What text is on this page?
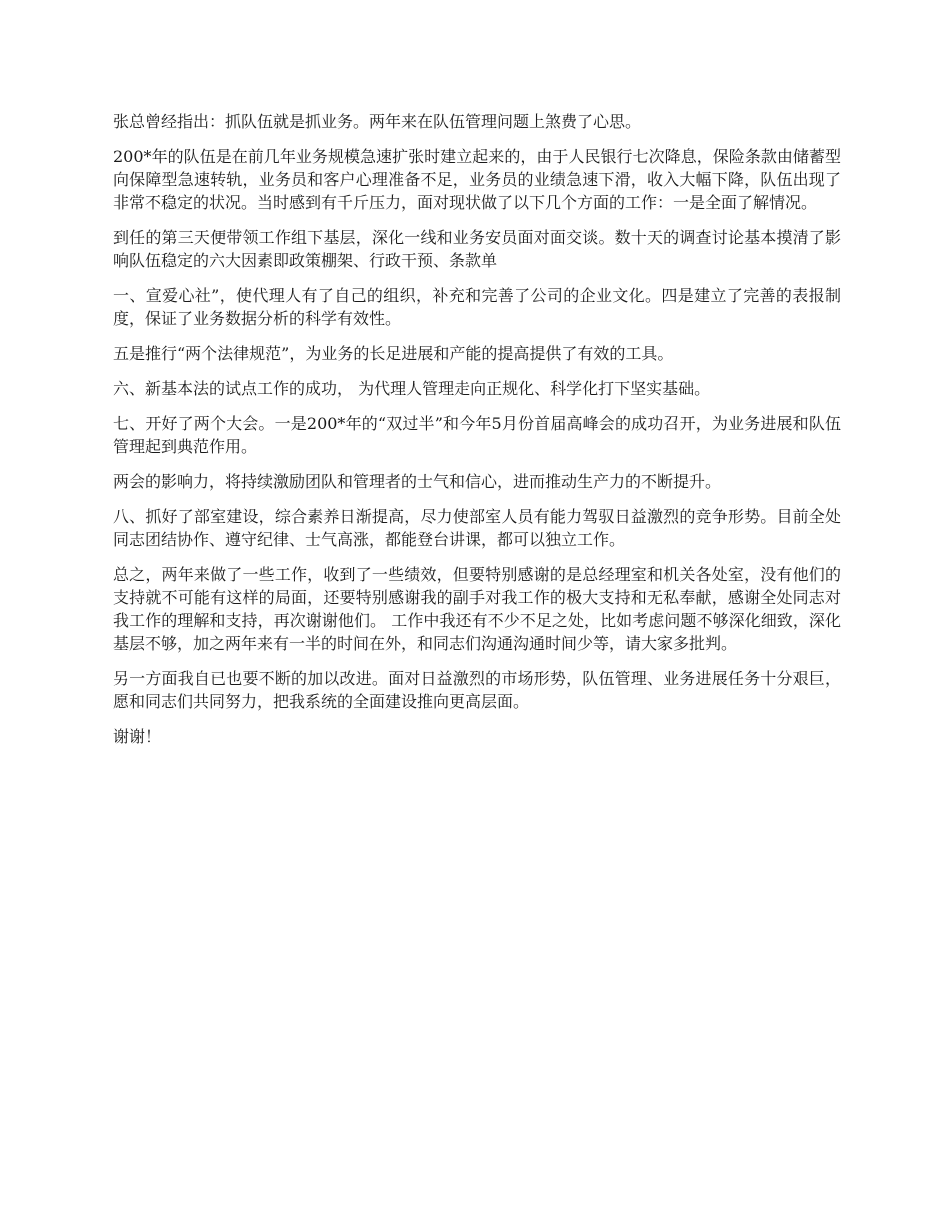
张总曾经指出：抓队伍就是抓业务。两年来在队伍管理问题上煞费了心思。

200*年的队伍是在前几年业务规模急速扩张时建立起来的，由于人民银行七次降息，保险条款由储蓄型向保障型急速转轨，业务员和客户心理准备不足，业务员的业绩急速下滑，收入大幅下降，队伍出现了非常不稳定的状况。当时感到有千斤压力，面对现状做了以下几个方面的工作：一是全面了解情况。

到任的第三天便带领工作组下基层，深化一线和业务安员面对面交谈。数十天的调查讨论基本摸清了影响队伍稳定的六大因素即政策棚架、行政干预、条款单

一、宣爱心社”，使代理人有了自己的组织，补充和完善了公司的企业文化。四是建立了完善的表报制度，保证了业务数据分析的科学有效性。

五是推行“两个法律规范”，为业务的长足进展和产能的提高提供了有效的工具。

六、新基本法的试点工作的成功， 为代理人管理走向正规化、科学化打下坚实基础。

七、开好了两个大会。一是200*年的“双过半”和今年5月份首届高峰会的成功召开，为业务进展和队伍管理起到典范作用。

两会的影响力，将持续激励团队和管理者的士气和信心，进而推动生产力的不断提升。

八、抓好了部室建设，综合素养日渐提高，尽力使部室人员有能力驾驭日益激烈的竞争形势。目前全处同志团结协作、遵守纪律、士气高涨，都能登台讲课，都可以独立工作。

总之，两年来做了一些工作，收到了一些绩效，但要特别感谢的是总经理室和机关各处室，没有他们的支持就不可能有这样的局面，还要特别感谢我的副手对我工作的极大支持和无私奉献，感谢全处同志对我工作的理解和支持，再次谢谢他们。 工作中我还有不少不足之处，比如考虑问题不够深化细致，深化基层不够，加之两年来有一半的时间在外，和同志们沟通沟通时间少等，请大家多批判。

另一方面我自已也要不断的加以改进。面对日益激烈的市场形势，队伍管理、业务进展任务十分艰巨，愿和同志们共同努力，把我系统的全面建设推向更高层面。

谢谢！
